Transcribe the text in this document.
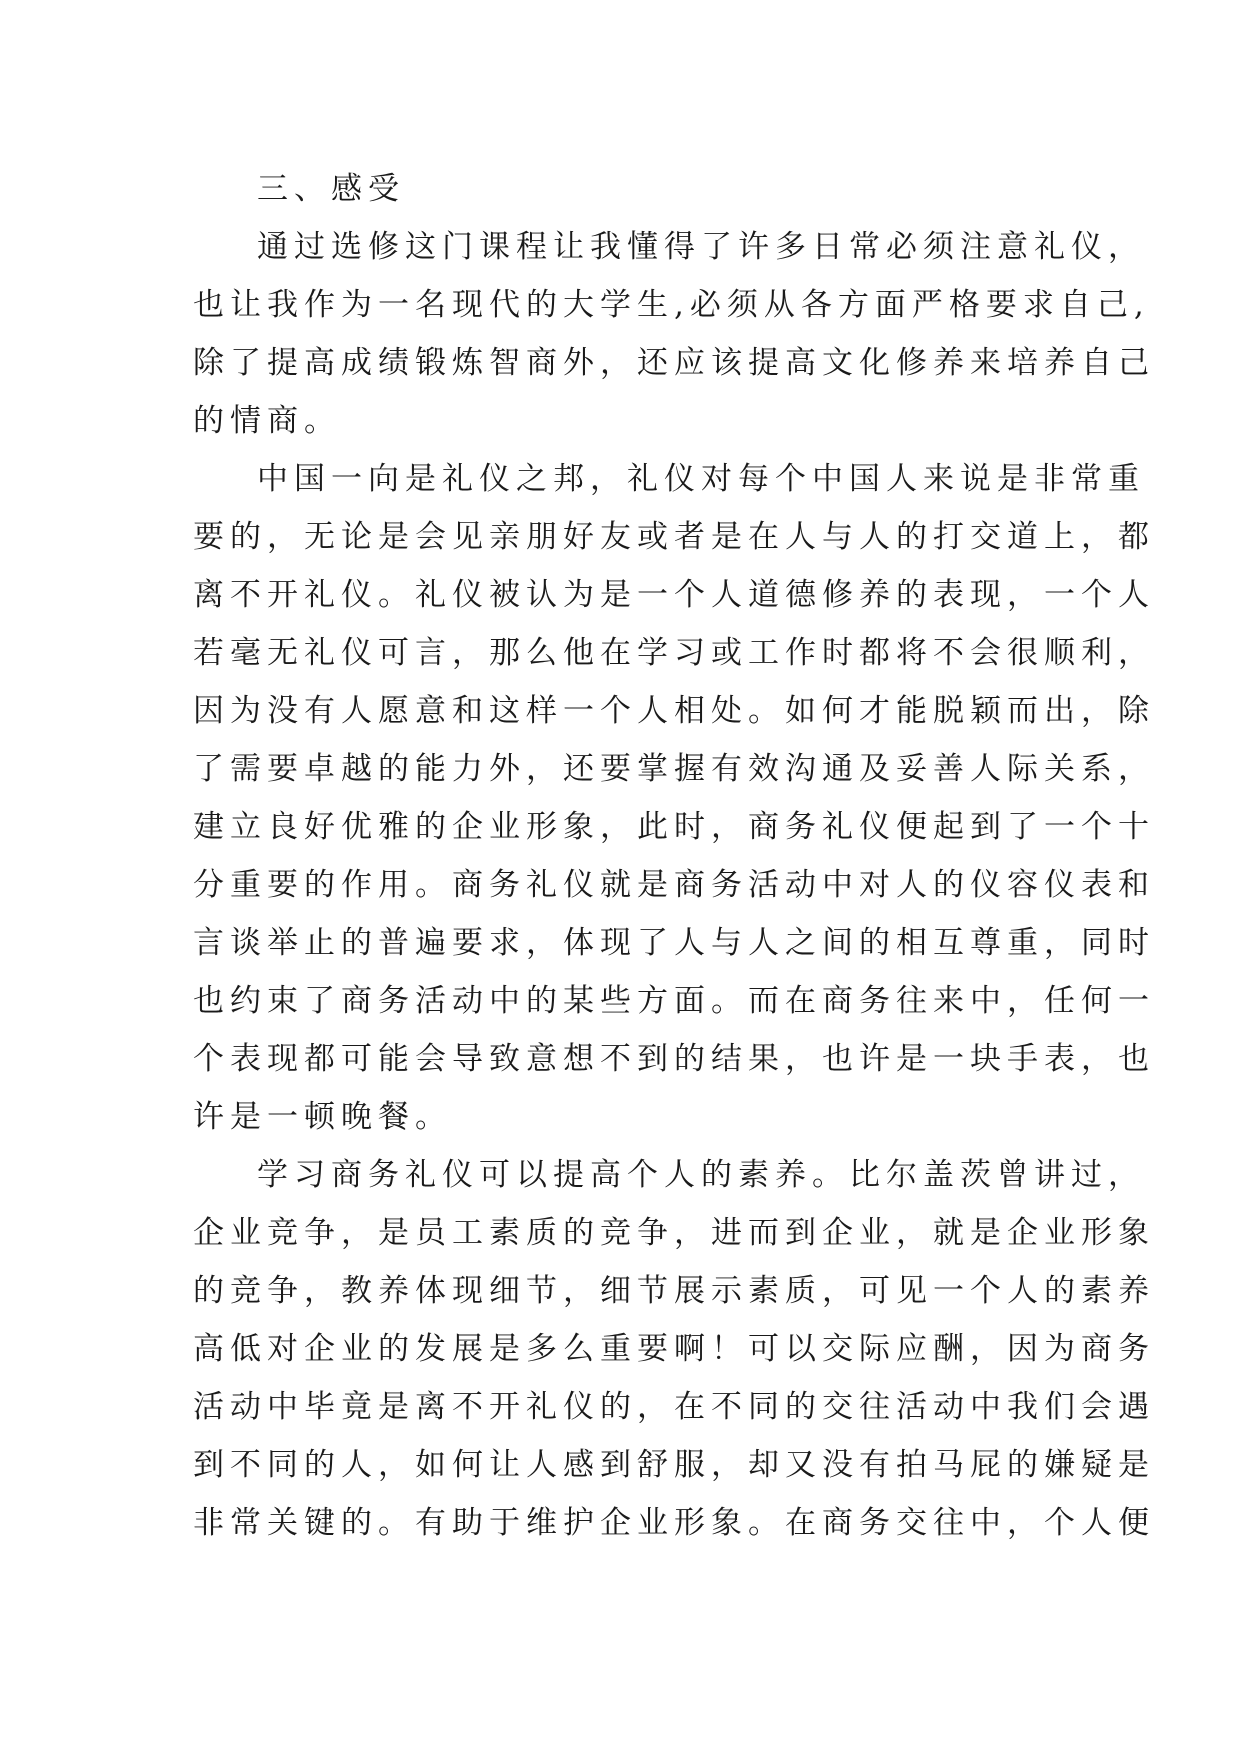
三、感受
通过选修这门课程让我懂得了许多日常必须注意礼仪，
也让我作为一名现代的大学生,必须从各方面严格要求自己,
除了提高成绩锻炼智商外，还应该提高文化修养来培养自己
的情商。
中国一向是礼仪之邦，礼仪对每个中国人来说是非常重
要的，无论是会见亲朋好友或者是在人与人的打交道上，都
离不开礼仪。礼仪被认为是一个人道德修养的表现，一个人
若毫无礼仪可言，那么他在学习或工作时都将不会很顺利，
因为没有人愿意和这样一个人相处。如何才能脱颖而出，除
了需要卓越的能力外，还要掌握有效沟通及妥善人际关系，
建立良好优雅的企业形象，此时，商务礼仪便起到了一个十
分重要的作用。商务礼仪就是商务活动中对人的仪容仪表和
言谈举止的普遍要求，体现了人与人之间的相互尊重，同时
也约束了商务活动中的某些方面。而在商务往来中，任何一
个表现都可能会导致意想不到的结果，也许是一块手表，也
许是一顿晚餐。
学习商务礼仪可以提高个人的素养。比尔盖茨曾讲过，
企业竞争，是员工素质的竞争，进而到企业，就是企业形象
的竞争，教养体现细节，细节展示素质，可见一个人的素养
高低对企业的发展是多么重要啊！可以交际应酬，因为商务
活动中毕竟是离不开礼仪的，在不同的交往活动中我们会遇
到不同的人，如何让人感到舒服，却又没有拍马屁的嫌疑是
非常关键的。有助于维护企业形象。在商务交往中，个人便
